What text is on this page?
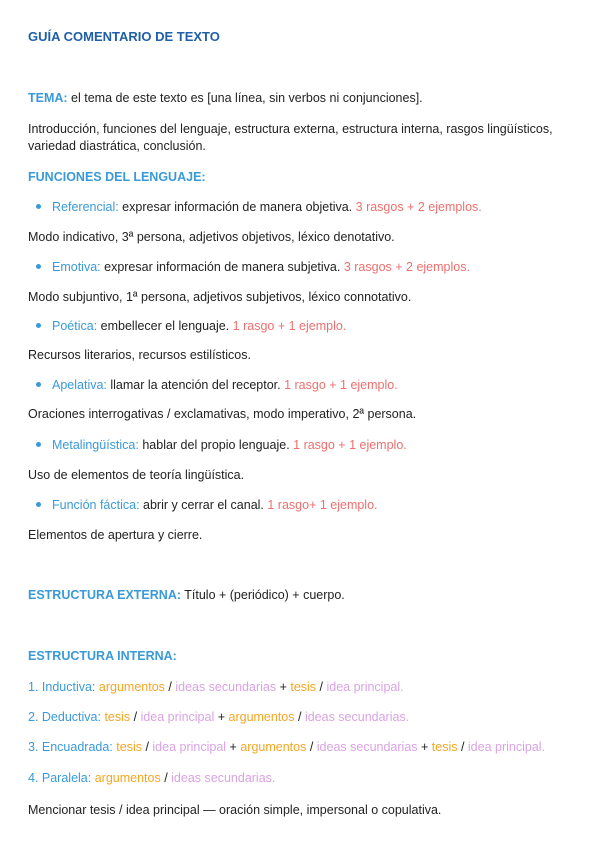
GUÍA COMENTARIO DE TEXTO
TEMA: el tema de este texto es [una línea, sin verbos ni conjunciones].
Introducción, funciones del lenguaje, estructura externa, estructura interna, rasgos lingüísticos, variedad diastrática, conclusión.
FUNCIONES DEL LENGUAJE:
Referencial: expresar información de manera objetiva. 3 rasgos + 2 ejemplos.
Modo indicativo, 3ª persona, adjetivos objetivos, léxico denotativo.
Emotiva: expresar información de manera subjetiva. 3 rasgos + 2 ejemplos.
Modo subjuntivo, 1ª persona, adjetivos subjetivos, léxico connotativo.
Poética: embellecer el lenguaje. 1 rasgo + 1 ejemplo.
Recursos literarios, recursos estilísticos.
Apelativa: llamar la atención del receptor. 1 rasgo + 1 ejemplo.
Oraciones interrogativas / exclamativas, modo imperativo, 2ª persona.
Metalingüística: hablar del propio lenguaje. 1 rasgo + 1 ejemplo.
Uso de elementos de teoría lingüística.
Función fáctica: abrir y cerrar el canal. 1 rasgo+ 1 ejemplo.
Elementos de apertura y cierre.
ESTRUCTURA EXTERNA: Título + (periódico) + cuerpo.
ESTRUCTURA INTERNA:
1. Inductiva: argumentos / ideas secundarias + tesis / idea principal.
2. Deductiva: tesis / idea principal + argumentos / ideas secundarias.
3. Encuadrada: tesis / idea principal + argumentos / ideas secundarias + tesis / idea principal.
4. Paralela: argumentos / ideas secundarias.
Mencionar tesis / idea principal — oración simple, impersonal o copulativa.
